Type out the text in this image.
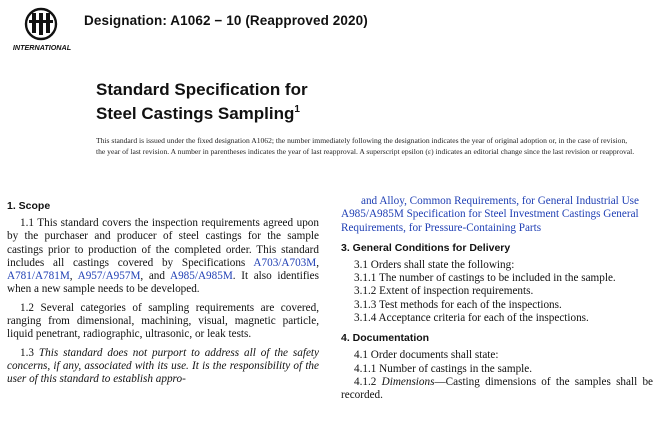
INTERNATIONAL
Designation: A1062 − 10 (Reapproved 2020)
Standard Specification for
Steel Castings Sampling$^1$
This standard is issued under the fixed designation A1062; the number immediately following the designation indicates the year of original adoption or, in the case of revision, the year of last revision. A number in parentheses indicates the year of last reapproval. A superscript epsilon (ε) indicates an editorial change since the last revision or reapproval.
1. Scope

1.1 This standard covers the inspection requirements agreed upon by the purchaser and producer of steel castings for the sample castings prior to production of the completed order. This standard includes all castings covered by Specifications A703/A703M, A781/A781M, A957/A957M, and A985/A985M. It also identifies when a new sample needs to be developed.

1.2 Several categories of sampling requirements are covered, ranging from dimensional, machining, visual, magnetic particle, liquid penetrant, radiographic, ultrasonic, or leak tests.

1.3 This standard does not purport to address all of the safety concerns, if any, associated with its use. It is the responsibility of the user of this standard to establish appro-

and Alloy, Common Requirements, for General Industrial Use
A985/A985M Specification for Steel Investment Castings General Requirements, for Pressure-Containing Parts
3. General Conditions for Delivery
3.1 Orders shall state the following:
3.1.1 The number of castings to be included in the sample.
3.1.2 Extent of inspection requirements.
3.1.3 Test methods for each of the inspections.
3.1.4 Acceptance criteria for each of the inspections.
4. Documentation
4.1 Order documents shall state:
4.1.1 Number of castings in the sample.

4.1.2 Dimensions—Casting dimensions of the samples shall be recorded.
